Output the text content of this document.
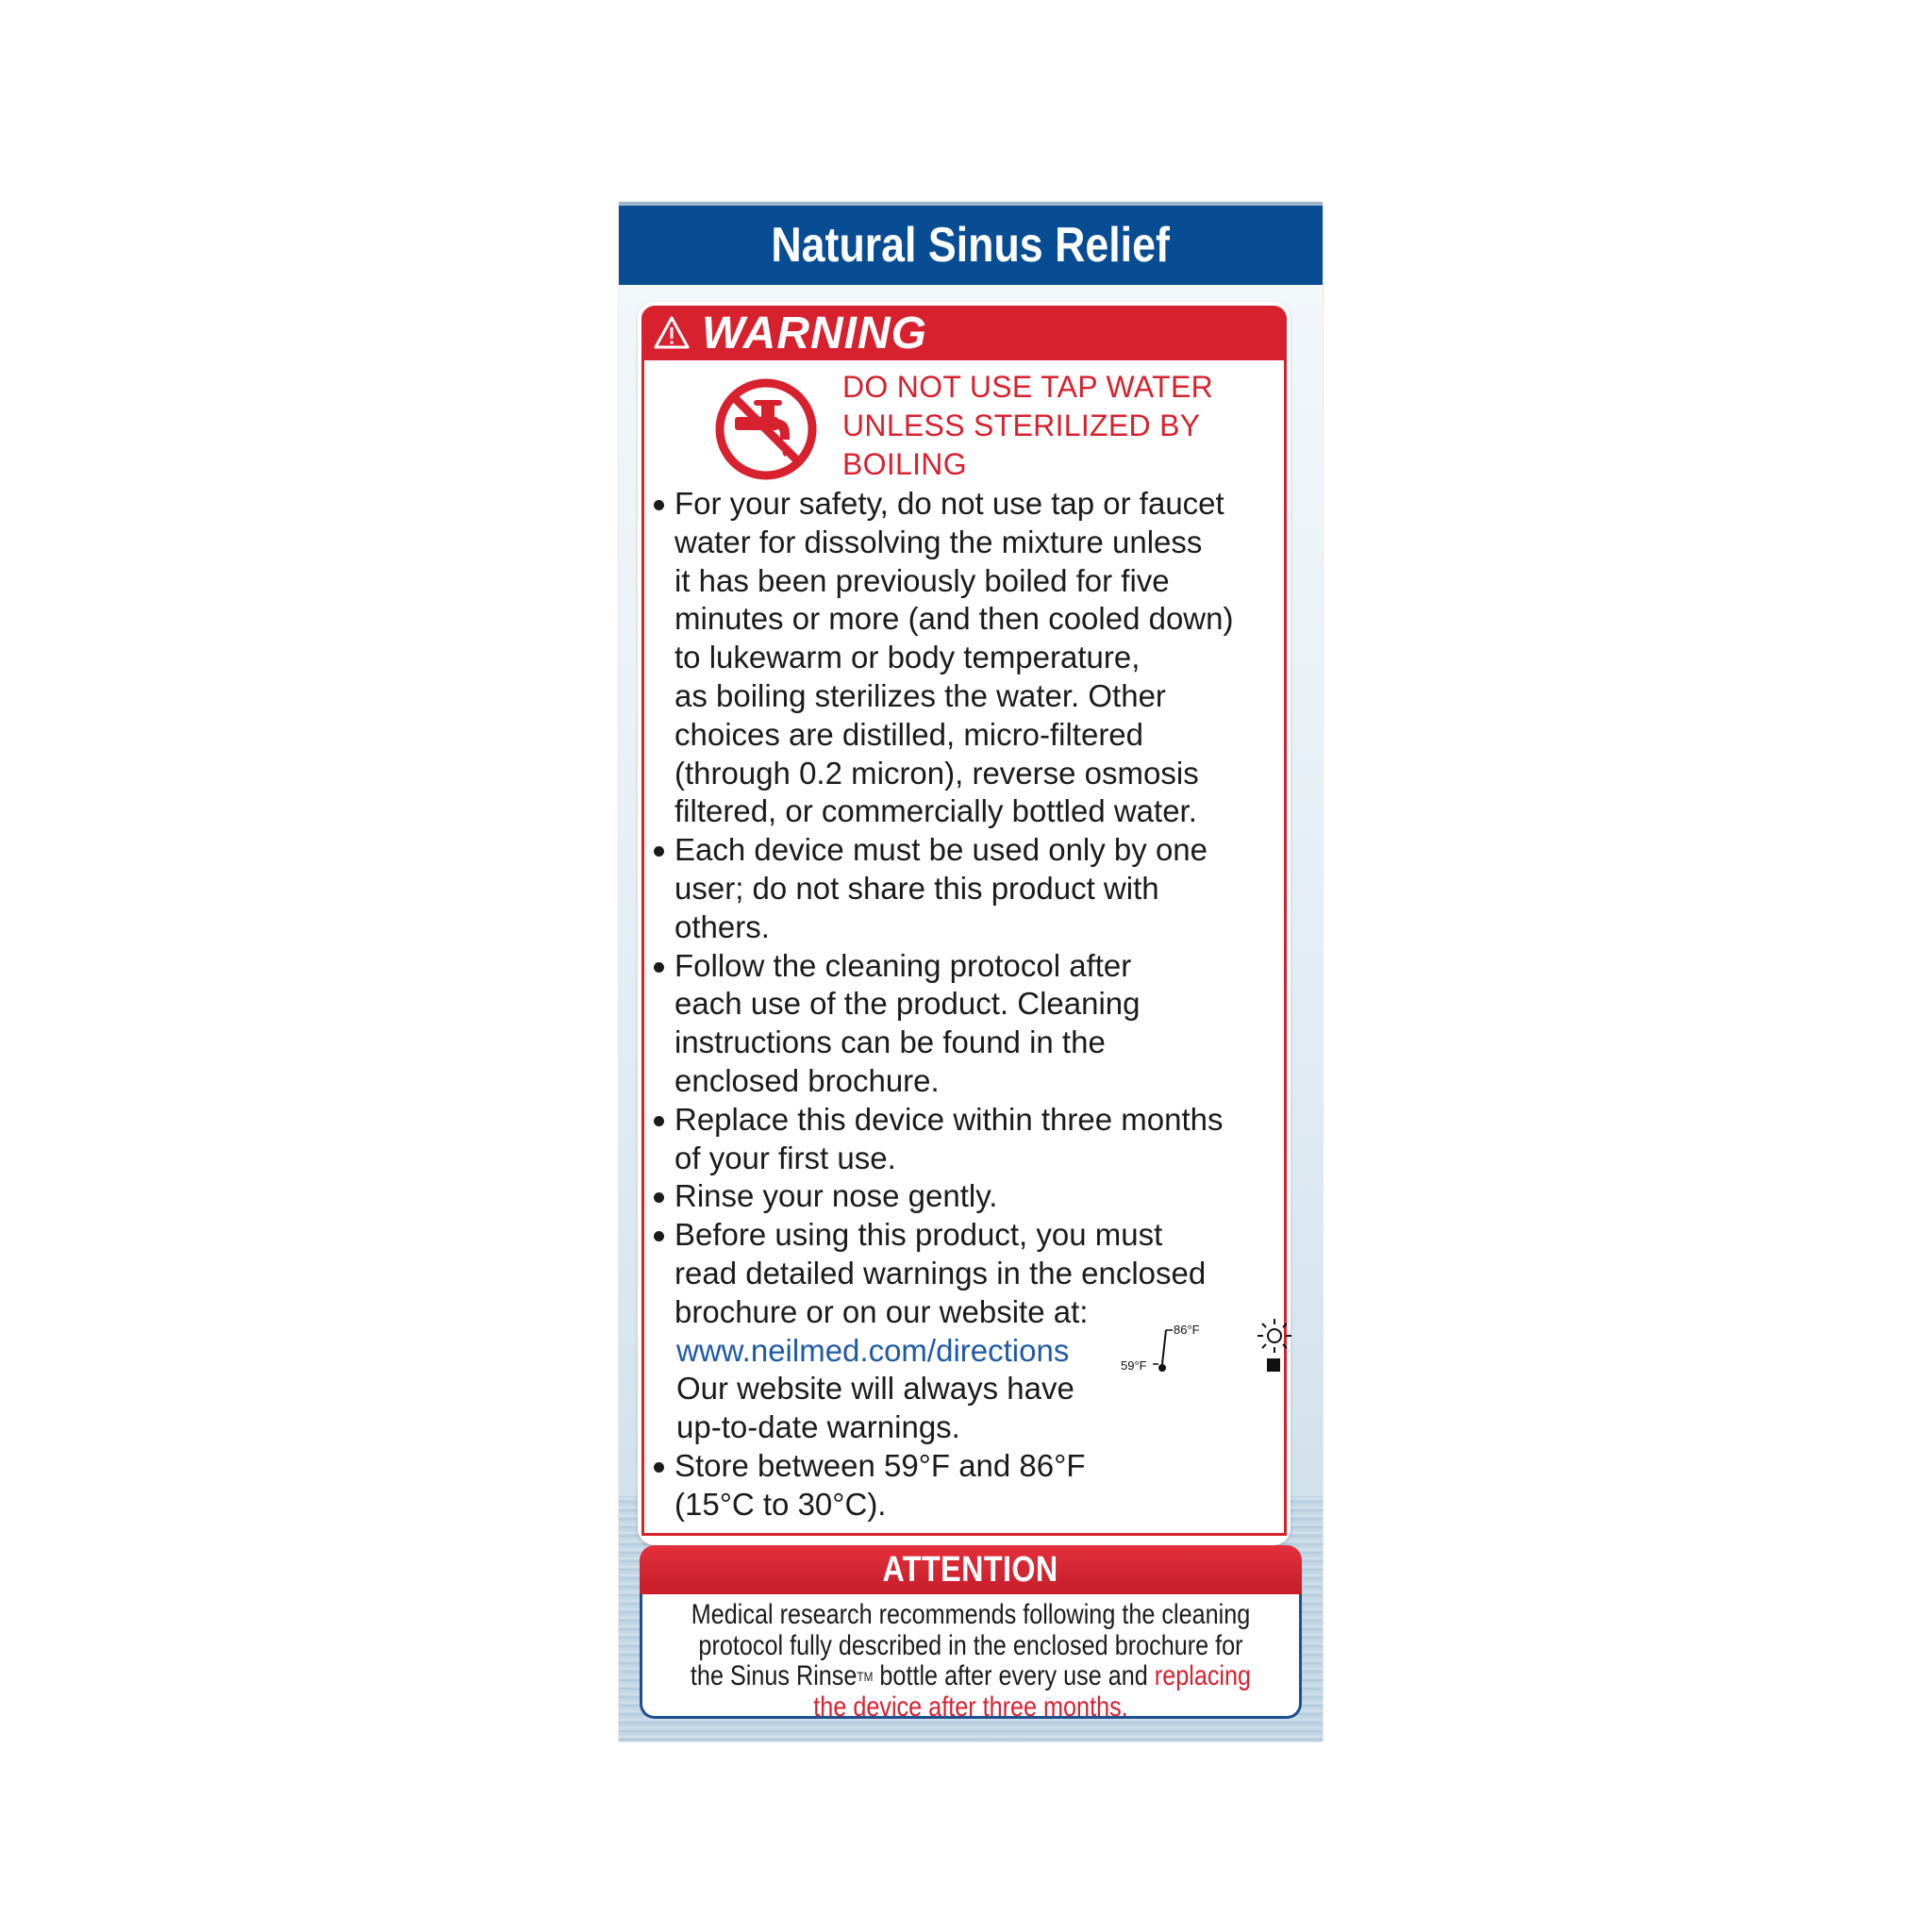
Natural Sinus Relief
WARNING
DO NOT USE TAP WATER
UNLESS STERILIZED BY
BOILING
For your safety, do not use tap or faucet
water for dissolving the mixture unless
it has been previously boiled for five
minutes or more (and then cooled down)
to lukewarm or body temperature,
as boiling sterilizes the water. Other
choices are distilled, micro-filtered
(through 0.2 micron), reverse osmosis
filtered, or commercially bottled water.
Each device must be used only by one
user; do not share this product with
others.
Follow the cleaning protocol after
each use of the product. Cleaning
instructions can be found in the
enclosed brochure.
Replace this device within three months
of your first use.
Rinse your nose gently.
Before using this product, you must
read detailed warnings in the enclosed
brochure or on our website at:
www.neilmed.com/directions
Our website will always have
up-to-date warnings.
Store between 59°F and 86°F
(15°C to 30°C).
59°F
86°F
ATTENTION
Medical research recommends following the cleaning
protocol fully described in the enclosed brochure for
the Sinus Rinse™ bottle after every use and replacing
the device after three months.
